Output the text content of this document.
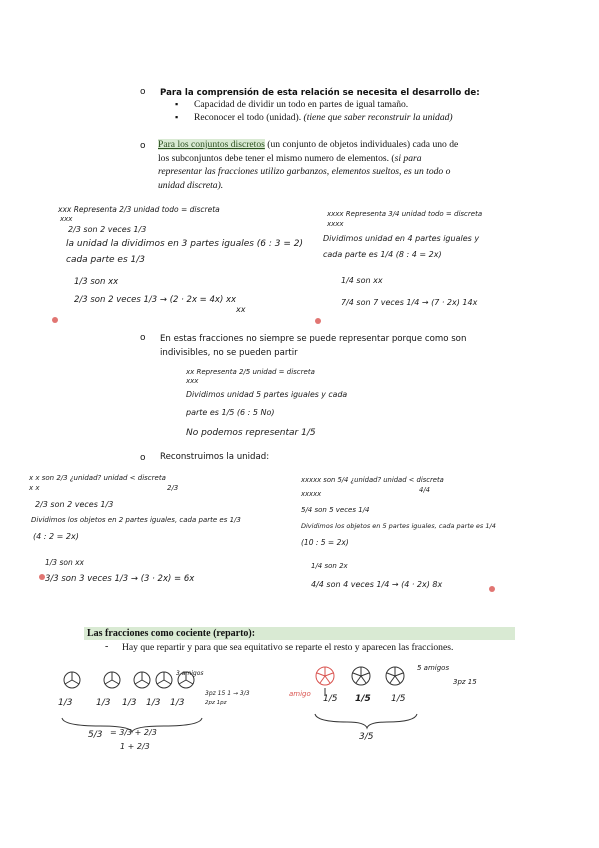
o Para la comprensión de esta relación se necesita el desarrollo de:
▪ Capacidad de dividir un todo en partes de igual tamaño.
▪ Reconocer el todo (unidad). (tiene que saber reconstruir la unidad)
o Para los conjuntos discretos (un conjunto de objetos individuales) cada uno de
los subconjuntos debe tener el mismo numero de elementos. (si para
representar las fracciones utilizo garbanzos, elementos sueltos, es un todo o
unidad discreta).
xxx Representa 2/3 unidad todo = discreta
xxx
2/3 son 2 veces 1/3
la unidad la dividimos en 3 partes iguales (6 : 3 = 2)
cada parte es 1/3
1/3 son xx
2/3 son 2 veces 1/3 → (2 · 2x = 4x) xx
xx
xxxx Representa 3/4 unidad todo = discreta
xxxx
Dividimos unidad en 4 partes iguales y
cada parte es 1/4 (8 : 4 = 2x)
1/4 son xx
7/4 son 7 veces 1/4 → (7 · 2x) 14x
o En estas fracciones no siempre se puede representar porque como son
indivisibles, no se pueden partir
xx Representa 2/5 unidad = discreta
xxx
Dividimos unidad 5 partes iguales y cada
parte es 1/5 (6 : 5 No)
No podemos representar 1/5
o Reconstruimos la unidad:
x x son 2/3 ¿unidad? unidad < discreta
x x	2/3
2/3 son 2 veces 1/3
Dividimos los objetos en 2 partes iguales, cada parte es 1/3
(4 : 2 = 2x)
1/3 son xx
3/3 son 3 veces 1/3 → (3 · 2x) = 6x
xxxxx son 5/4 ¿unidad? unidad < discreta
xxxxx	4/4
5/4 son 5 veces 1/4
Dividimos los objetos en 5 partes iguales, cada parte es 1/4
(10 : 5 = 2x)
1/4 son 2x
4/4 son 4 veces 1/4 → (4 · 2x) 8x
Las fracciones como cociente (reparto):
- Hay que repartir y para que sea equitativo se reparte el resto y aparecen las fracciones.
3 amigos
1/3	1/3 1/3 1/3 1/3
3pz 15 1 → 3/3
2pz 1pz
5/3 = 3/3 + 2/3
1 + 2/3
5 amigos
3pz 15
amigo 1/5 1/5 1/5
3/5
